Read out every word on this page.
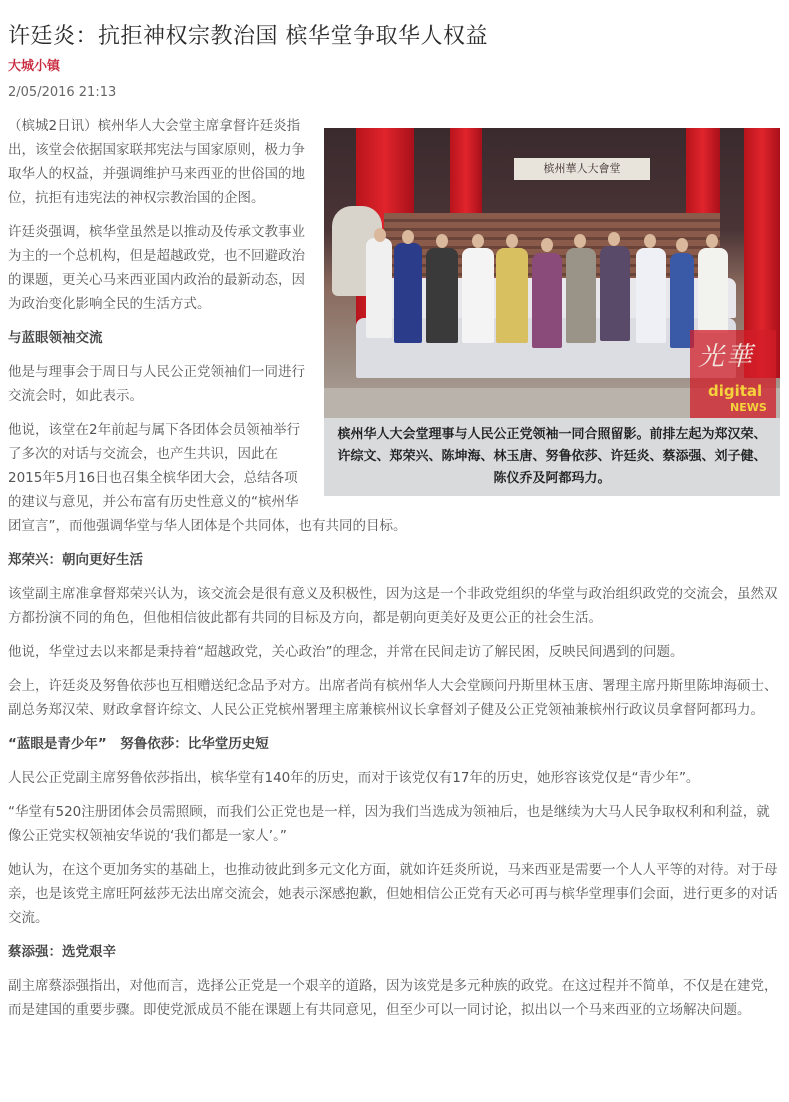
许廷炎：抗拒神权宗教治国 槟华堂争取华人权益
大城小镇
2/05/2016 21:13
槟州華人大會堂
光華
digital
NEWS
槟州华人大会堂理事与人民公正党领袖一同合照留影。前排左起为郑汉荣、许综文、郑荣兴、陈坤海、林玉唐、努鲁依莎、许廷炎、蔡添强、刘子健、陈仪乔及阿都玛力。

（槟城2日讯）槟州华人大会堂主席拿督许廷炎指出，该堂会依据国家联邦宪法与国家原则，极力争取华人的权益，并强调维护马来西亚的世俗国的地位，抗拒有违宪法的神权宗教治国的企图。

许廷炎强调，槟华堂虽然是以推动及传承文教事业为主的一个总机构，但是超越政党，也不回避政治的课题，更关心马来西亚国内政治的最新动态，因为政治变化影响全民的生活方式。

与蓝眼领袖交流

他是与理事会于周日与人民公正党领袖们一同进行交流会时，如此表示。

他说，该堂在2年前起与属下各团体会员领袖举行了多次的对话与交流会，也产生共识，因此在2015年5月16日也召集全槟华团大会，总结各项的建议与意见，并公布富有历史性意义的“槟州华团宣言”，而他强调华堂与华人团体是个共同体，也有共同的目标。

郑荣兴：朝向更好生活

该堂副主席准拿督郑荣兴认为，该交流会是很有意义及积极性，因为这是一个非政党组织的华堂与政治组织政党的交流会，虽然双方都扮演不同的角色，但他相信彼此都有共同的目标及方向，都是朝向更美好及更公正的社会生活。

他说，华堂过去以来都是秉持着“超越政党，关心政治”的理念，并常在民间走访了解民困，反映民间遇到的问题。

会上，许廷炎及努鲁依莎也互相赠送纪念品予对方。出席者尚有槟州华人大会堂顾问丹斯里林玉唐、署理主席丹斯里陈坤海硕士、副总务郑汉荣、财政拿督许综文、人民公正党槟州署理主席兼槟州议长拿督刘子健及公正党领袖兼槟州行政议员拿督阿都玛力。

“蓝眼是青少年”　努鲁依莎：比华堂历史短

人民公正党副主席努鲁依莎指出，槟华堂有140年的历史，而对于该党仅有17年的历史，她形容该党仅是“青少年”。

“华堂有520注册团体会员需照顾，而我们公正党也是一样，因为我们当选成为领袖后，也是继续为大马人民争取权利和利益，就像公正党实权领袖安华说的‘我们都是一家人’。”

她认为，在这个更加务实的基础上，也推动彼此到多元文化方面，就如许廷炎所说，马来西亚是需要一个人人平等的对待。对于母亲，也是该党主席旺阿兹莎无法出席交流会，她表示深感抱歉，但她相信公正党有天必可再与槟华堂理事们会面，进行更多的对话交流。

蔡添强：选党艰辛

副主席蔡添强指出，对他而言，选择公正党是一个艰辛的道路，因为该党是多元种族的政党。在这过程并不简单，不仅是在建党，而是建国的重要步骤。即使党派成员不能在课题上有共同意见，但至少可以一同讨论，拟出以一个马来西亚的立场解决问题。
